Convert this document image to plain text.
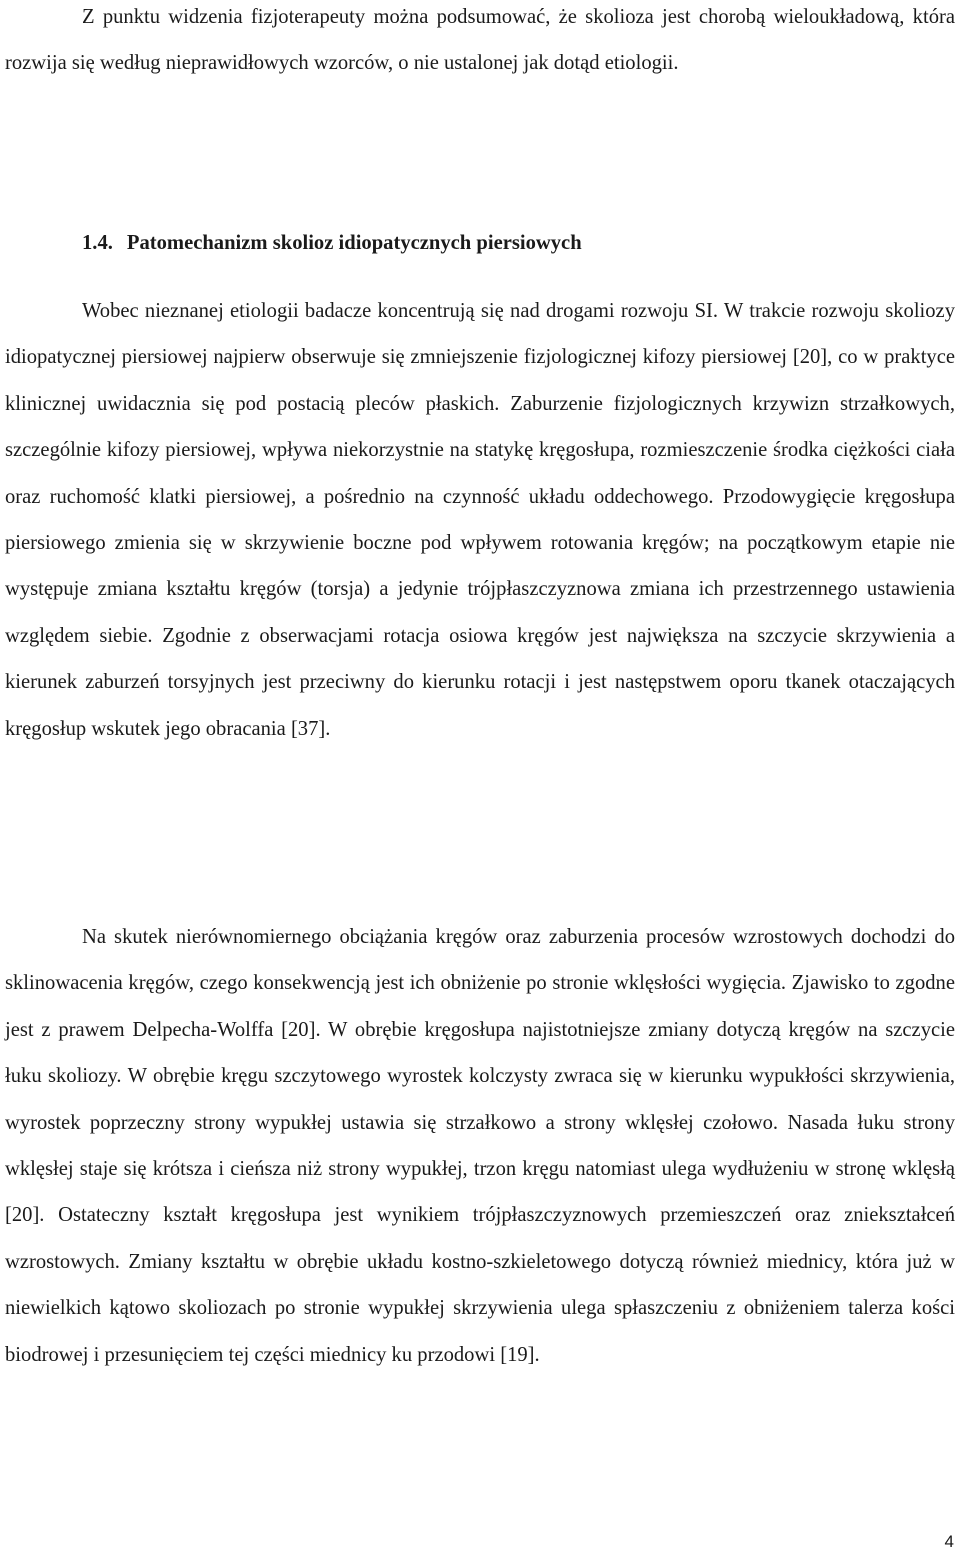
Z punktu widzenia fizjoterapeuty można podsumować, że skolioza jest chorobą wieloukładową, która rozwija się według nieprawidłowych wzorców, o nie ustalonej jak dotąd etiologii.

1.4. Patomechanizm skolioz idiopatycznych piersiowych

Wobec nieznanej etiologii badacze koncentrują się nad drogami rozwoju SI. W trakcie rozwoju skoliozy idiopatycznej piersiowej najpierw obserwuje się zmniejszenie fizjologicznej kifozy piersiowej [20], co w praktyce klinicznej uwidacznia się pod postacią pleców płaskich. Zaburzenie fizjologicznych krzywizn strzałkowych, szczególnie kifozy piersiowej, wpływa niekorzystnie na statykę kręgosłupa, rozmieszczenie środka ciężkości ciała oraz ruchomość klatki piersiowej, a pośrednio na czynność układu oddechowego. Przodowygięcie kręgosłupa piersiowego zmienia się w skrzywienie boczne pod wpływem rotowania kręgów; na początkowym etapie nie występuje zmiana kształtu kręgów (torsja) a jedynie trójpłaszczyznowa zmiana ich przestrzennego ustawienia względem siebie. Zgodnie z obserwacjami rotacja osiowa kręgów jest największa na szczycie skrzywienia a kierunek zaburzeń torsyjnych jest przeciwny do kierunku rotacji i jest następstwem oporu tkanek otaczających kręgosłup wskutek jego obracania [37].

Na skutek nierównomiernego obciążania kręgów oraz zaburzenia procesów wzrostowych dochodzi do sklinowacenia kręgów, czego konsekwencją jest ich obniżenie po stronie wklęsłości wygięcia. Zjawisko to zgodne jest z prawem Delpecha-Wolffa [20]. W obrębie kręgosłupa najistotniejsze zmiany dotyczą kręgów na szczycie łuku skoliozy. W obrębie kręgu szczytowego wyrostek kolczysty zwraca się w kierunku wypukłości skrzywienia, wyrostek poprzeczny strony wypukłej ustawia się strzałkowo a strony wklęsłej czołowo. Nasada łuku strony wklęsłej staje się krótsza i cieńsza niż strony wypukłej, trzon kręgu natomiast ulega wydłużeniu w stronę wklęsłą [20]. Ostateczny kształt kręgosłupa jest wynikiem trójpłaszczyznowych przemieszczeń oraz zniekształceń wzrostowych. Zmiany kształtu w obrębie układu kostno-szkieletowego dotyczą również miednicy, która już w niewielkich kątowo skoliozach po stronie wypukłej skrzywienia ulega spłaszczeniu z obniżeniem talerza kości biodrowej i przesunięciem tej części miednicy ku przodowi [19].

4
